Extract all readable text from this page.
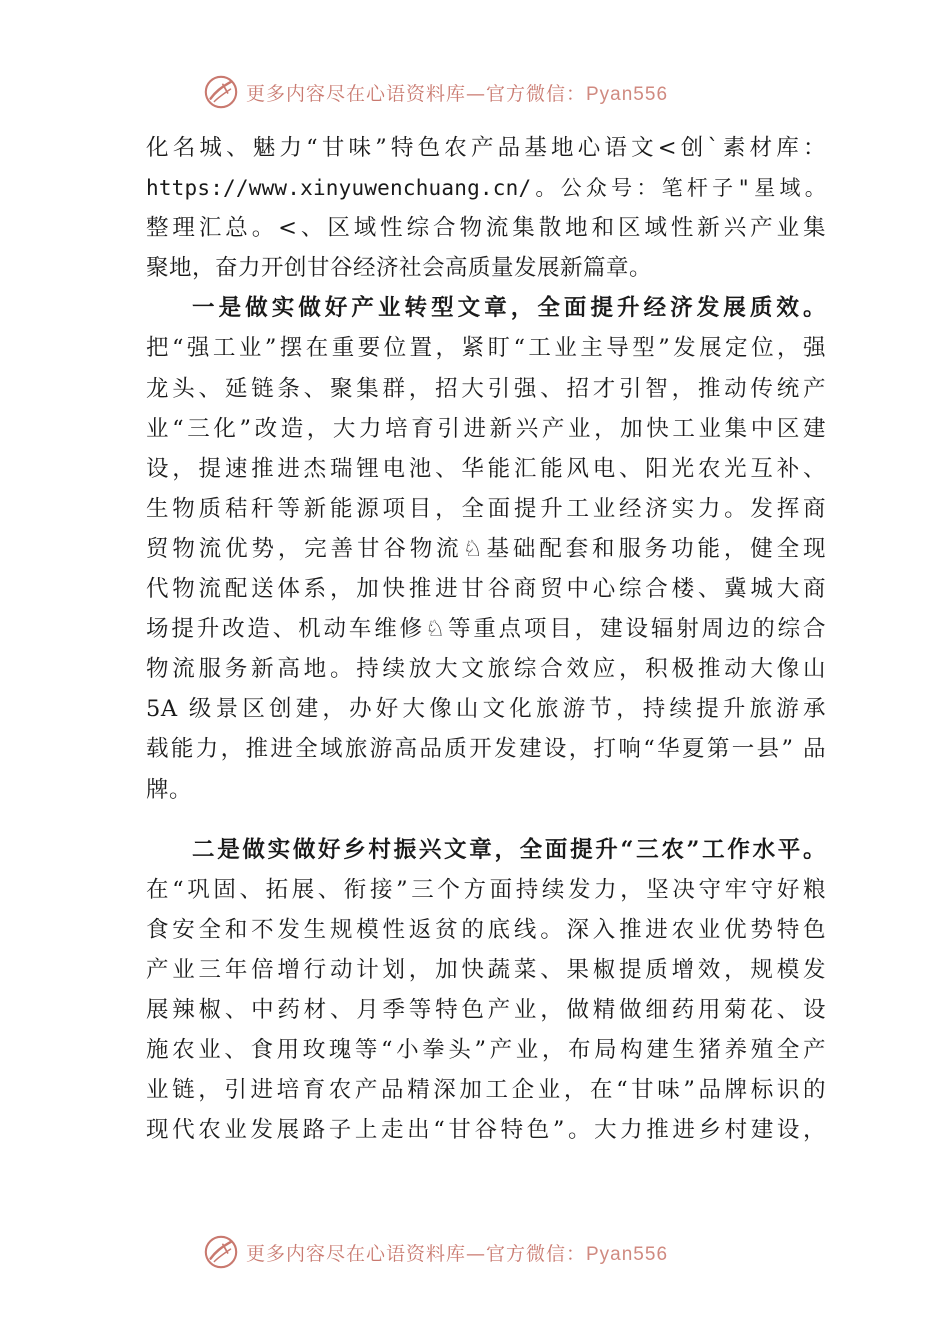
更多内容尽在心语资料库—官方微信：Pyan556
化名城、魅力“甘味”特色农产品基地心语文<创`素材库：
https://www.xinyuwenchuang.cn/。公众号：笔杆子"星域。
整理汇总。<、区域性综合物流集散地和区域性新兴产业集
聚地，奋力开创甘谷经济社会高质量发展新篇章。
一是做实做好产业转型文章，全面提升经济发展质效。
把“强工业”摆在重要位置，紧盯“工业主导型”发展定位，强
龙头、延链条、聚集群，招大引强、招才引智，推动传统产
业“三化”改造，大力培育引进新兴产业，加快工业集中区建
设，提速推进杰瑞锂电池、华能汇能风电、阳光农光互补、
生物质秸秆等新能源项目，全面提升工业经济实力。发挥商
贸物流优势，完善甘谷物流♘基础配套和服务功能，健全现
代物流配送体系，加快推进甘谷商贸中心综合楼、冀城大商
场提升改造、机动车维修♘等重点项目，建设辐射周边的综合
物流服务新高地。持续放大文旅综合效应，积极推动大像山
5A 级景区创建，办好大像山文化旅游节，持续提升旅游承
载能力，推进全域旅游高品质开发建设，打响“华夏第一县” 品
牌。
二是做实做好乡村振兴文章，全面提升“三农”工作水平。
在“巩固、拓展、衔接”三个方面持续发力，坚决守牢守好粮
食安全和不发生规模性返贫的底线。深入推进农业优势特色
产业三年倍增行动计划，加快蔬菜、果椒提质增效，规模发
展辣椒、中药材、月季等特色产业，做精做细药用菊花、设
施农业、食用玫瑰等“小拳头”产业，布局构建生猪养殖全产
业链，引进培育农产品精深加工企业，在“甘味”品牌标识的
现代农业发展路子上走出“甘谷特色”。大力推进乡村建设，
更多内容尽在心语资料库—官方微信：Pyan556
